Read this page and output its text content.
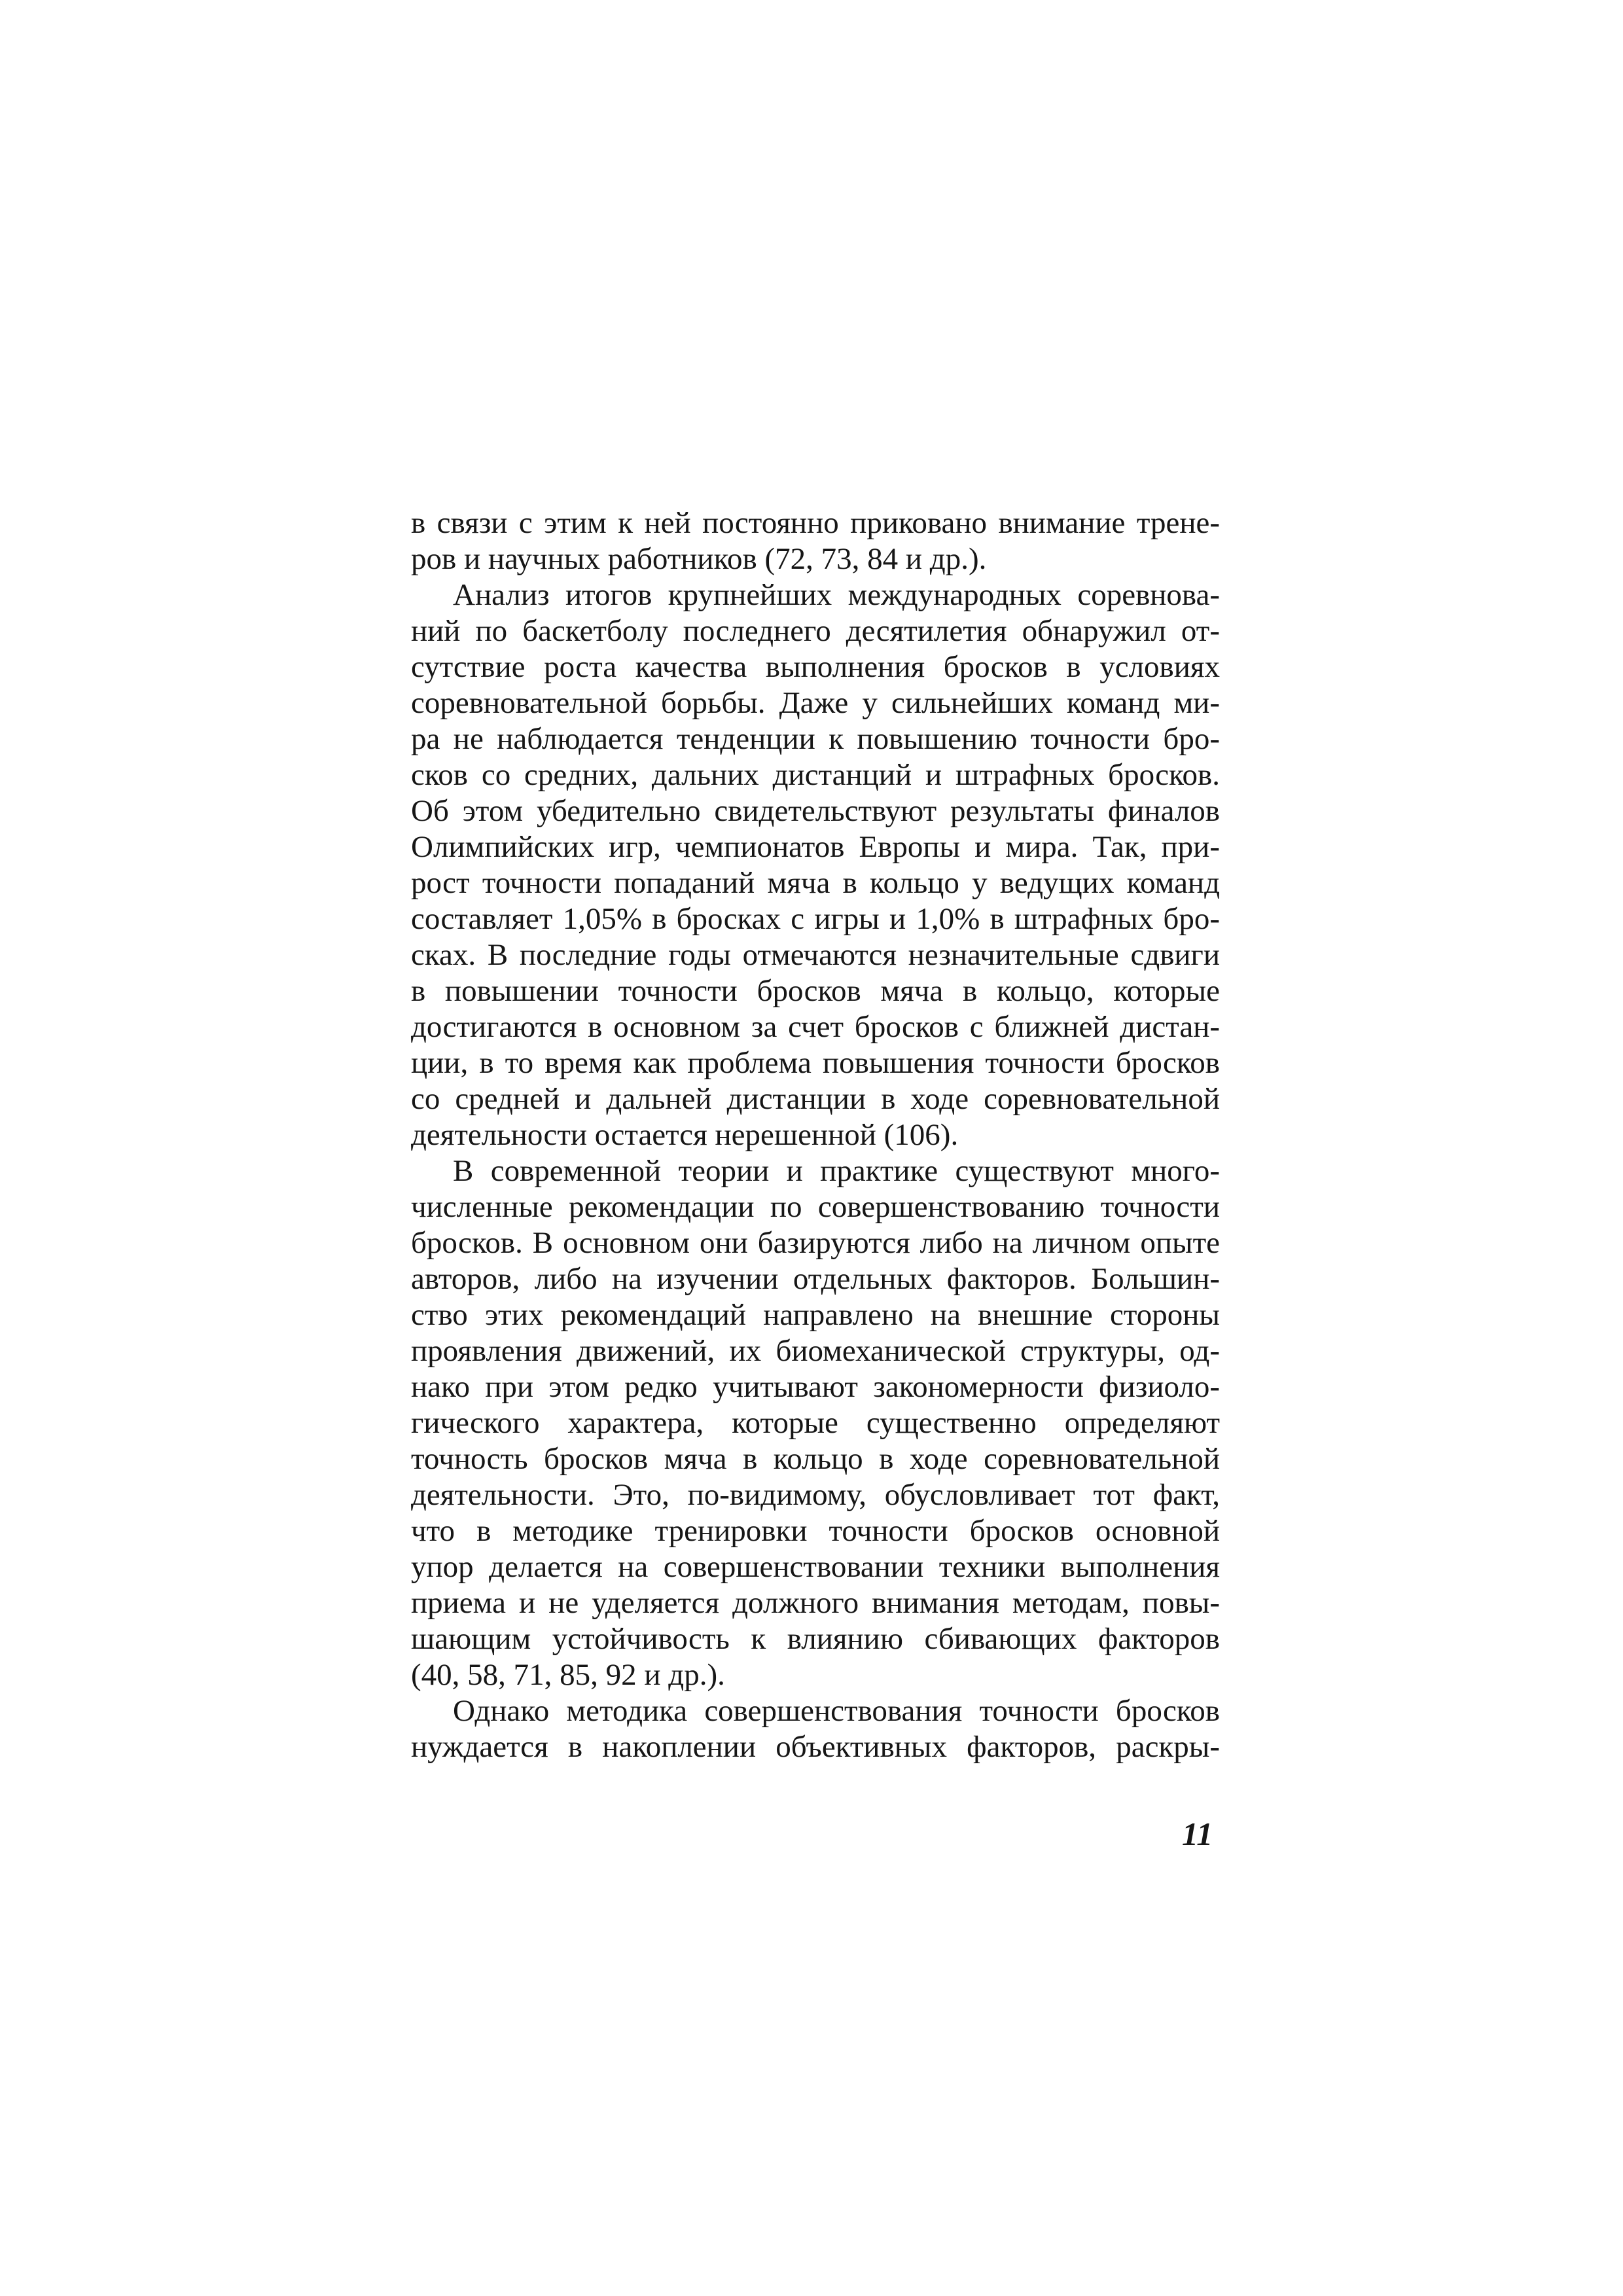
в связи с этим к ней постоянно приковано внимание трене-
ров и научных работников (72, 73, 84 и др.).
Анализ итогов крупнейших международных соревнова-
ний по баскетболу последнего десятилетия обнаружил от-
сутствие роста качества выполнения бросков в условиях
соревновательной борьбы. Даже у сильнейших команд ми-
ра не наблюдается тенденции к повышению точности бро-
сков со средних, дальних дистанций и штрафных бросков.
Об этом убедительно свидетельствуют результаты финалов
Олимпийских игр, чемпионатов Европы и мира. Так, при-
рост точности попаданий мяча в кольцо у ведущих команд
составляет 1,05% в бросках с игры и 1,0% в штрафных бро-
сках. В последние годы отмечаются незначительные сдвиги
в повышении точности бросков мяча в кольцо, которые
достигаются в основном за счет бросков с ближней дистан-
ции, в то время как проблема повышения точности бросков
со средней и дальней дистанции в ходе соревновательной
деятельности остается нерешенной (106).
В современной теории и практике существуют много-
численные рекомендации по совершенствованию точности
бросков. В основном они базируются либо на личном опыте
авторов, либо на изучении отдельных факторов. Большин-
ство этих рекомендаций направлено на внешние стороны
проявления движений, их биомеханической структуры, од-
нако при этом редко учитывают закономерности физиоло-
гического характера, которые существенно определяют
точность бросков мяча в кольцо в ходе соревновательной
деятельности. Это, по-видимому, обусловливает тот факт,
что в методике тренировки точности бросков основной
упор делается на совершенствовании техники выполнения
приема и не уделяется должного внимания методам, повы-
шающим устойчивость к влиянию сбивающих факторов
(40, 58, 71, 85, 92 и др.).
Однако методика совершенствования точности бросков
нуждается в накоплении объективных факторов, раскры-
11
